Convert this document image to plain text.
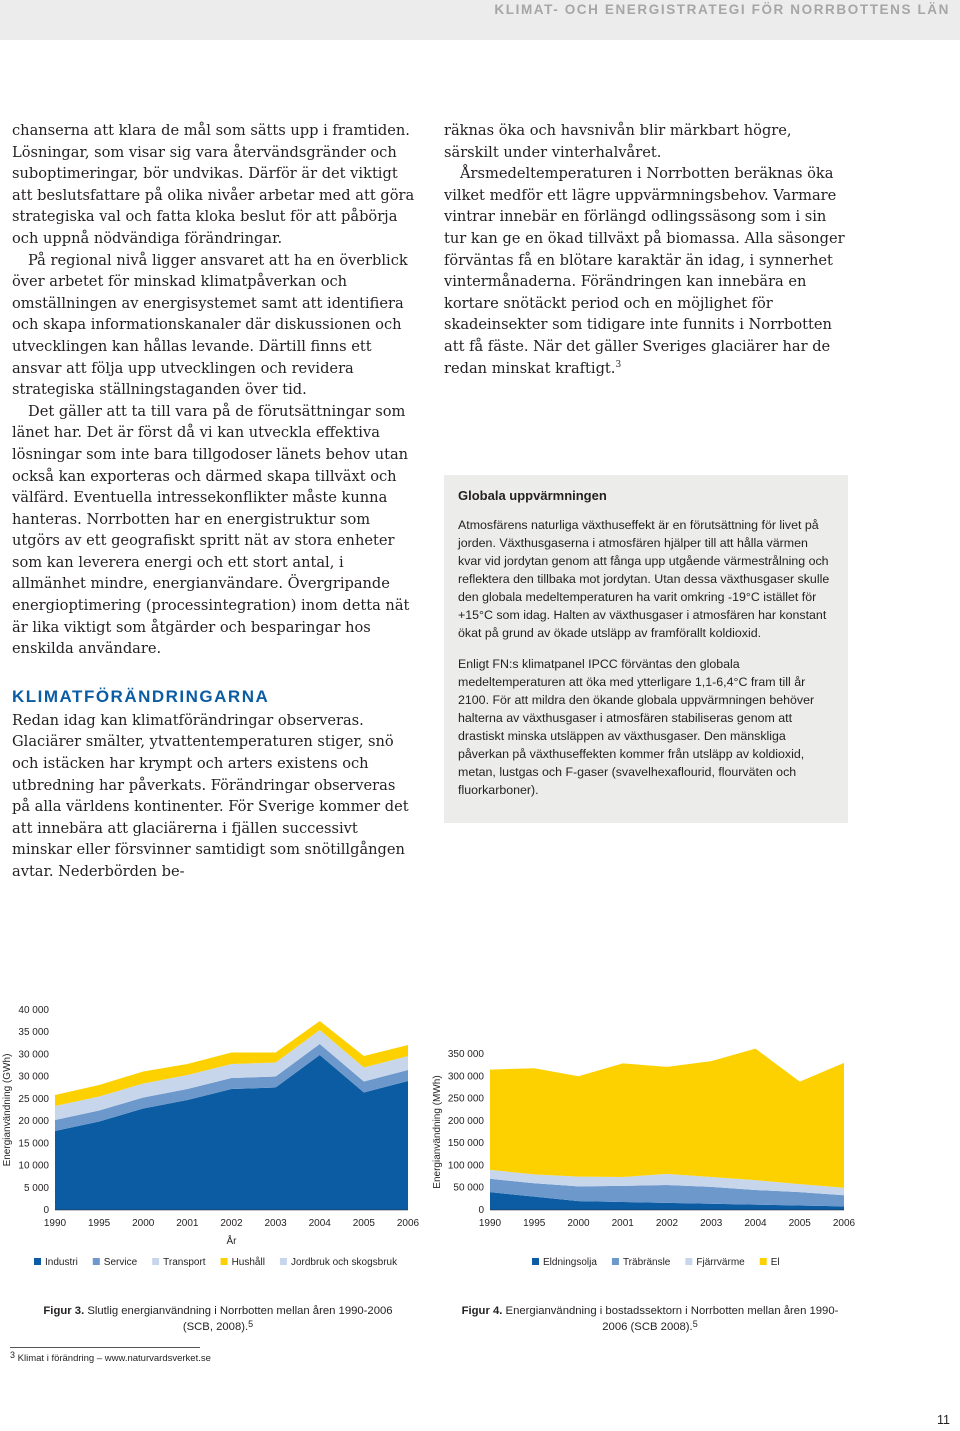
KLIMAT- OCH ENERGISTRATEGI FÖR NORRBOTTENS LÄN

chanserna att klara de mål som sätts upp i framtiden. Lösningar, som visar sig vara återvändsgränder och suboptimeringar, bör undvikas. Därför är det viktigt att beslutsfattare på olika nivåer arbetar med att göra strategiska val och fatta kloka beslut för att påbörja och uppnå nödvändiga förändringar.

På regional nivå ligger ansvaret att ha en överblick över arbetet för minskad klimatpåverkan och omställningen av energisystemet samt att identifiera och skapa informationskanaler där diskussionen och utvecklingen kan hållas levande. Därtill finns ett ansvar att följa upp utvecklingen och revidera strategiska ställningstaganden över tid.

Det gäller att ta till vara på de förutsättningar som länet har. Det är först då vi kan utveckla effektiva lösningar som inte bara tillgodoser länets behov utan också kan exporteras och därmed skapa tillväxt och välfärd. Eventuella intressekonflikter måste kunna hanteras. Norrbotten har en energistruktur som utgörs av ett geografiskt spritt nät av stora enheter som kan leverera energi och ett stort antal, i allmänhet mindre, energianvändare. Övergripande energioptimering (processintegration) inom detta nät är lika viktigt som åtgärder och besparingar hos enskilda användare.

KLIMATFÖRÄNDRINGARNA

Redan idag kan klimatförändringar observeras. Glaciärer smälter, ytvattentemperaturen stiger, snö och istäcken har krympt och arters existens och utbredning har påverkats. Förändringar observeras på alla världens kontinenter. För Sverige kommer det att innebära att glaciärerna i fjällen successivt minskar eller försvinner samtidigt som snötillgången avtar. Nederbörden be-

räknas öka och havsnivån blir märkbart högre, särskilt under vinterhalvåret.

Årsmedeltemperaturen i Norrbotten beräknas öka vilket medför ett lägre uppvärmningsbehov. Varmare vintrar innebär en förlängd odlingssäsong som i sin tur kan ge en ökad tillväxt på biomassa. Alla säsonger förväntas få en blötare karaktär än idag, i synnerhet vintermånaderna. Förändringen kan innebära en kortare snötäckt period och en möjlighet för skadeinsekter som tidigare inte funnits i Norrbotten att få fäste. När det gäller Sveriges glaciärer har de redan minskat kraftigt.$^3$

Globala uppvärmningen

Atmosfärens naturliga växthuseffekt är en förutsättning för livet på jorden. Växthusgaserna i atmosfären hjälper till att hålla värmen kvar vid jordytan genom att fånga upp utgående värmestrålning och reflektera den tillbaka mot jordytan. Utan dessa växthusgaser skulle den globala medeltemperaturen ha varit omkring -19°C istället för +15°C som idag. Halten av växthusgaser i atmosfären har konstant ökat på grund av ökade utsläpp av framförallt koldioxid.

Enligt FN:s klimatpanel IPCC förväntas den globala medeltemperaturen att öka med ytterligare 1,1-6,4°C fram till år 2100. För att mildra den ökande globala uppvärmningen behöver halterna av växthusgaser i atmosfären stabiliseras genom att drastiskt minska utsläppen av växthusgaser. Den mänskliga påverkan på växthuseffekten kommer från utsläpp av koldioxid, metan, lustgas och F-gaser (svavelhexaflourid, flourväten och fluorkarboner).

0
5 000
10 000
15 000
20 000
25 000
30 000
30 000
35 000
40 000
1990 1995 2000 2001 2002 2003 2004 2005 2006
Energianvändning (GWh)
År
Industri	Service	Transport	Hushåll	Jordbruk och skogsbruk
0
50 000
100 000
150 000
200 000
250 000
300 000
350 000
1990 1995 2000 2001 2002 2003 2004 2005 2006
Energianvändning (MWh)
Eldningsolja	Träbränsle	Fjärrvärme	El
Figur 3. Slutlig energianvändning i Norrbotten mellan åren 1990-2006 (SCB, 2008).$^5$
Figur 4. Energianvändning i bostadssektorn i Norrbotten mellan åren 1990-2006 (SCB 2008).$^5$
$^3$ Klimat i förändring – www.naturvardsverket.se
11
